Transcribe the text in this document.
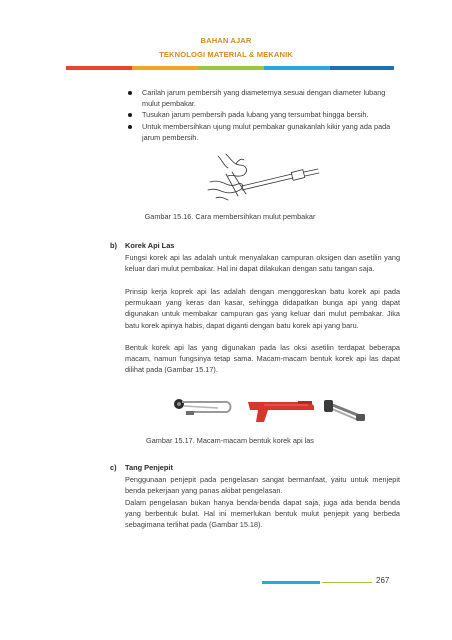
BAHAN AJAR
TEKNOLOGI MATERIAL & MEKANIK
Carilah jarum pembersih yang diameternya sesuai dengan diameter lubang mulut pembakar.
Tusukan jarum pembersih pada lubang yang tersumbat hingga bersih.
Untuk membersihkan ujung mulut pembakar gunakanlah kikir yang ada pada jarum pembersih.
Gambar 15.16. Cara membersihkan mulut pembakar
b) Korek Api Las
Fungsi korek api las adalah untuk menyalakan campuran oksigen dan asetilin yang keluar dari mulut pembakar. Hal ini dapat dilakukan dengan satu tangan saja.
Prinsip kerja koprek api las adalah dengan menggoreskan batu korek api pada permukaan yang keras dan kasar, sehingga didapatkan bunga api yang dapat digunakan untuk membakar campuran gas yang keluar dari mulut pembakar. Jika batu korek apinya habis, dapat diganti dengan batu korek api yang baru.
Bentuk korek api las yang digunakan pada las oksi asetilin terdapat beberapa macam, namun fungsinya tetap sama. Macam-macam bentuk korek api las dapat dilihat pada (Gambar 15.17).
Gambar 15.17. Macam-macam bentuk korek api las
c) Tang Penjepit
Penggunaan penjepit pada pengelasan sangat bermanfaat, yaitu untuk menjepit benda pekerjaan yang panas akibat pengelasan.
Dalam pengelasan bukan hanya benda-benda dapat saja, juga ada benda benda yang berbentuk bulat. Hal ini memerlukan bentuk mulut penjepit yang berbeda sebagimana terlihat pada (Gambar 15.18).
267
